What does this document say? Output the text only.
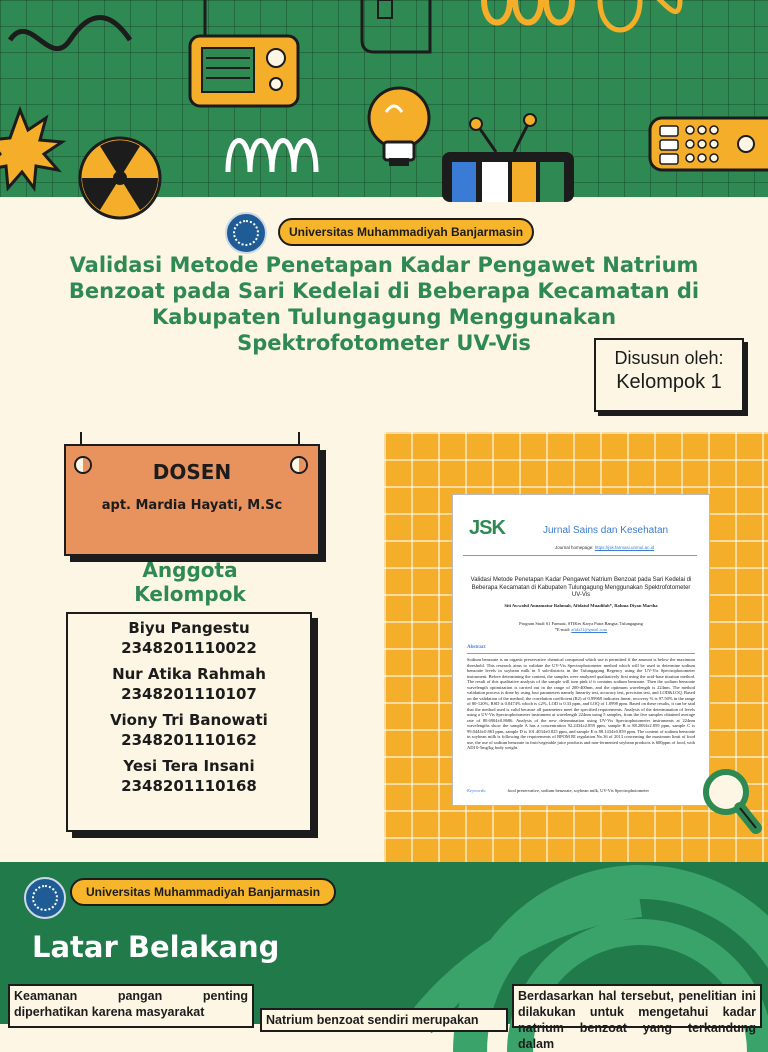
Universitas Muhammadiyah Banjarmasin
Validasi Metode Penetapan Kadar Pengawet Natrium
Benzoat pada Sari Kedelai di Beberapa Kecamatan di
Kabupaten Tulungagung Menggunakan
Spektrofotometer UV-Vis
Disusun oleh:
Kelompok 1
DOSEN
apt. Mardia Hayati, M.Sc
Anggota
Kelompok
Biyu Pangestu
2348201110022
Nur Atika Rahmah
2348201110107
Viony Tri Banowati
2348201110162
Yesi Tera Insani
2348201110168
JSK	Jurnal Sains dan Kesehatan
Journal homepage: https://jsk.farmasi.unmul.ac.id
Validasi Metode Penetapan Kadar Pengawet Natrium Benzoat pada Sari Kedelai di Beberapa Kecamatan di Kabupaten Tulungagung Menggunakan Spektrofotometer UV-Vis
Siti Awwalul Annamatur Rahmah, Afidatul Muadifah*, Rahma Diyan Martha
Program Studi S1 Farmasi, STIKes Karya Putra Bangsa, Tulungagung
*E-mail: afida31@gmail.com
Abstract
Sodium benzoate is an organic preservative chemical compound which use is permitted if the amount is below the maximum threshold. This research aims to validate the UV-Vis Spectrophotometer method which will be used to determine sodium benzoate levels in soybean milk in 5 sub-districts in the Tulungagung Regency using the UV-Vis Spectrophotometer instrument. Before determining the content, the samples were analyzed qualitatively first using the acid-base titration method. The result of this qualitative analysis of the sample will turn pink if it contains sodium benzoate. Then the sodium benzoate wavelength optimization is carried out in the range of 200-400nm, and the optimum wavelength is 224nm. The method validation process is done by using four parameters namely linearity test, accuracy test, precision test, and LOD&LOQ. Based on the validation of the method, the correlation coefficient (R2) of 0.99969 indicates linear, recovery % is 97.50% in the range of 80-120%, RSD is 0.0474% which is ≤2%, LOD is 0.33 ppm, and LOQ of 1.0998 ppm. Based on these results, it can be said that the method used is valid because all parameters meet the specified requirements. Analysis of the determination of levels using a UV-Vis Spectrophotometer instrument at wavelength 224nm using 5 samples, from the five samples obtained average rate of 80.6904±0.8686. Analysis of the new determination using UV-Vis Spectrophotometer instruments at 224nm wavelengths show the sample A has a concentration 92.2434±2.859 ppm, sample B is 88.2884±2.859 ppm, sample C is 99.0444±0.863 ppm, sample D is 101.4034±0.825 ppm, and sample E is 88.1434±0.859 ppm. The content of sodium benzoate in soybean milk is following the requirements of BPOM RI regulation No.36 of 2013 concerning the maximum limit of food use, the use of sodium benzoate in fruit/vegetable juice products and non-fermented soybean products is 600ppm of food, with ADI 0-5mg/kg body weight.
Keywords:	food preservative, sodium benzoate, soybean milk, UV-Vis Spectrophotometer
Universitas Muhammadiyah Banjarmasin
Latar Belakang
Keamanan pangan penting diperhatikan karena masyarakat
Natrium benzoat sendiri merupakan
Berdasarkan hal tersebut, penelitian ini dilakukan untuk mengetahui kadar natrium benzoat yang terkandung dalam
